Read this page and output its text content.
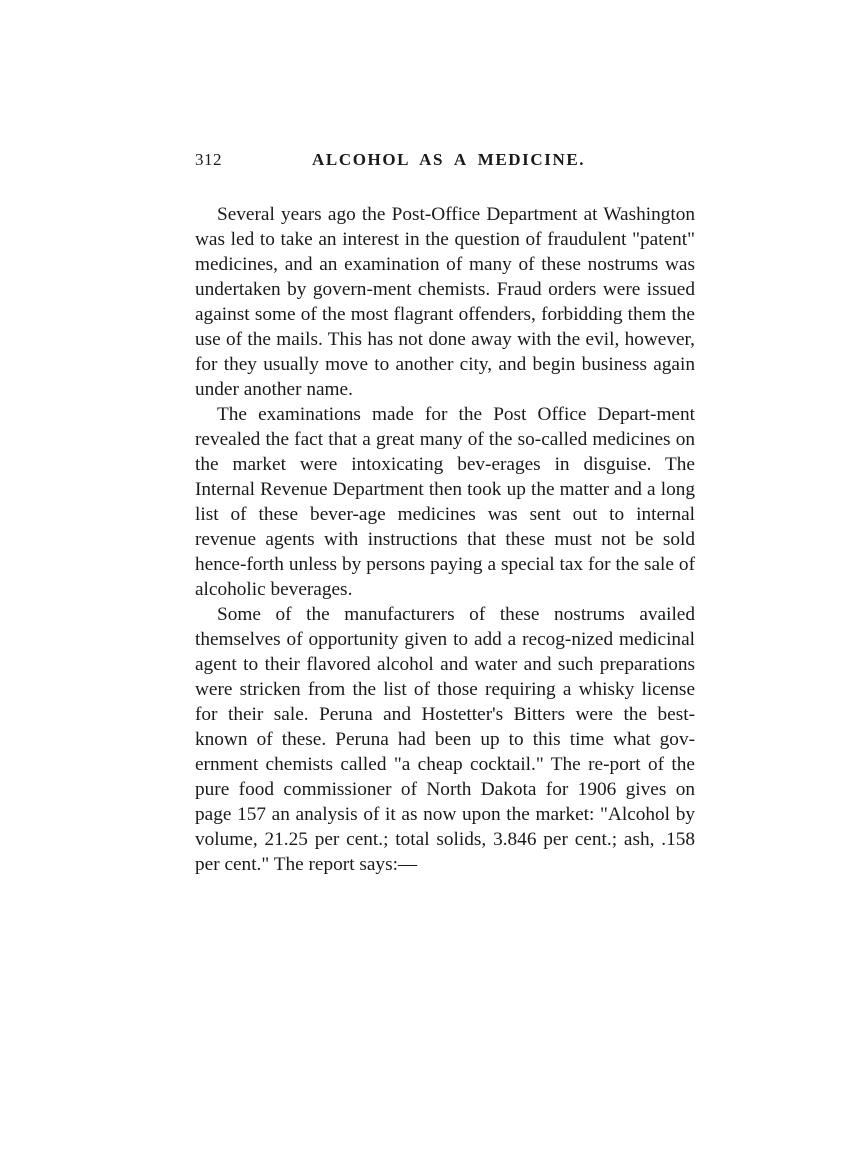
312	ALCOHOL AS A MEDICINE.

Several years ago the Post-Office Department at Washington was led to take an interest in the question of fraudulent "patent" medicines, and an examination of many of these nostrums was undertaken by govern-ment chemists. Fraud orders were issued against some of the most flagrant offenders, forbidding them the use of the mails. This has not done away with the evil, however, for they usually move to another city, and begin business again under another name.

The examinations made for the Post Office Depart-ment revealed the fact that a great many of the so-called medicines on the market were intoxicating bev-erages in disguise. The Internal Revenue Department then took up the matter and a long list of these bever-age medicines was sent out to internal revenue agents with instructions that these must not be sold hence-forth unless by persons paying a special tax for the sale of alcoholic beverages.

Some of the manufacturers of these nostrums availed themselves of opportunity given to add a recog-nized medicinal agent to their flavored alcohol and water and such preparations were stricken from the list of those requiring a whisky license for their sale. Peruna and Hostetter's Bitters were the best-known of these. Peruna had been up to this time what gov-ernment chemists called "a cheap cocktail." The re-port of the pure food commissioner of North Dakota for 1906 gives on page 157 an analysis of it as now upon the market: "Alcohol by volume, 21.25 per cent.; total solids, 3.846 per cent.; ash, .158 per cent." The report says:—
